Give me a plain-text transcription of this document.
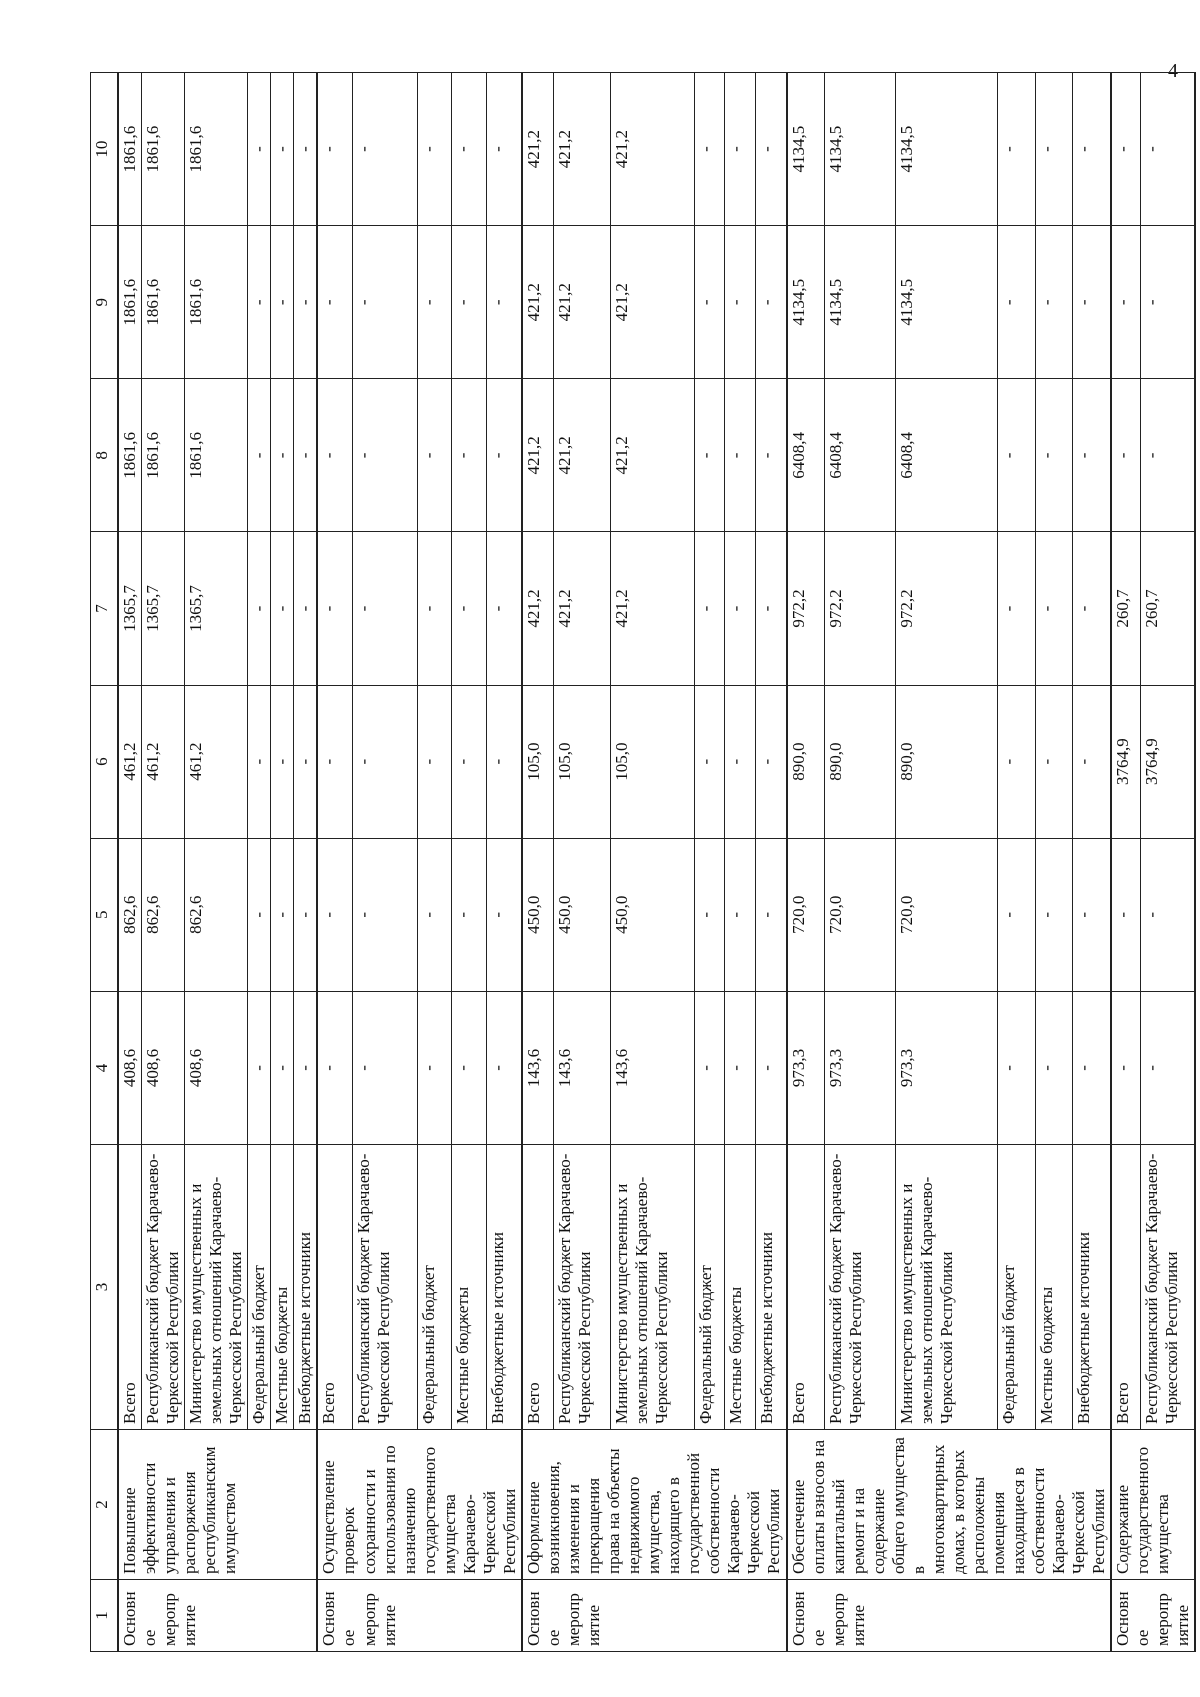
4
1	2	3	4	5	6	7	8	9	10
Основное мероприятие	Повышение эффективности управления и распоряжения республиканским имуществом	Всего	408,6	862,6	461,2	1365,7	1861,6	1861,6	1861,6
		Республиканский бюджет Карачаево-Черкесской Республики	408,6	862,6	461,2	1365,7	1861,6	1861,6	1861,6
		Министерство имущественных и земельных отношений Карачаево-Черкесской Республики	408,6	862,6	461,2	1365,7	1861,6	1861,6	1861,6
		Федеральный бюджет	-	-	-	-	-	-	-
		Местные бюджеты	-	-	-	-	-	-	-
		Внебюджетные источники	-	-	-	-	-	-	-
Основное мероприятие	Осуществление проверок сохранности и использования по назначению государственного имущества Карачаево-Черкесской Республики	Всего	-	-	-	-	-	-	-
		Республиканский бюджет Карачаево-Черкесской Республики	-	-	-	-	-	-	-
		Федеральный бюджет	-	-	-	-	-	-	-
		Местные бюджеты	-	-	-	-	-	-	-
		Внебюджетные источники	-	-	-	-	-	-	-
Основное мероприятие	Оформление возникновения, изменения и прекращения права на объекты недвижимого имущества, находящего в государственной собственности Карачаево-Черкесской Республики	Всего	143,6	450,0	105,0	421,2	421,2	421,2	421,2
		Республиканский бюджет Карачаево-Черкесской Республики	143,6	450,0	105,0	421,2	421,2	421,2	421,2
		Министерство имущественных и земельных отношений Карачаево-Черкесской Республики	143,6	450,0	105,0	421,2	421,2	421,2	421,2
		Федеральный бюджет	-	-	-	-	-	-	-
		Местные бюджеты	-	-	-	-	-	-	-
		Внебюджетные источники	-	-	-	-	-	-	-
Основное мероприятие	Обеспечение оплаты взносов на капитальный ремонт и на содержание общего имущества в многоквартирных домах, в которых расположены помещения находящиеся в собственности Карачаево-Черкесской Республики	Всего	973,3	720,0	890,0	972,2	6408,4	4134,5	4134,5
		Республиканский бюджет Карачаево-Черкесской Республики	973,3	720,0	890,0	972,2	6408,4	4134,5	4134,5
		Министерство имущественных и земельных отношений Карачаево-Черкесской Республики	973,3	720,0	890,0	972,2	6408,4	4134,5	4134,5
		Федеральный бюджет	-	-	-	-	-	-	-
		Местные бюджеты	-	-	-	-	-	-	-
		Внебюджетные источники	-	-	-	-	-	-	-
Основное мероприятие	Содержание государственного имущества	Всего	-	-	3764,9	260,7	-	-	-
		Республиканский бюджет Карачаево-Черкесской Республики	-	-	3764,9	260,7	-	-	-
